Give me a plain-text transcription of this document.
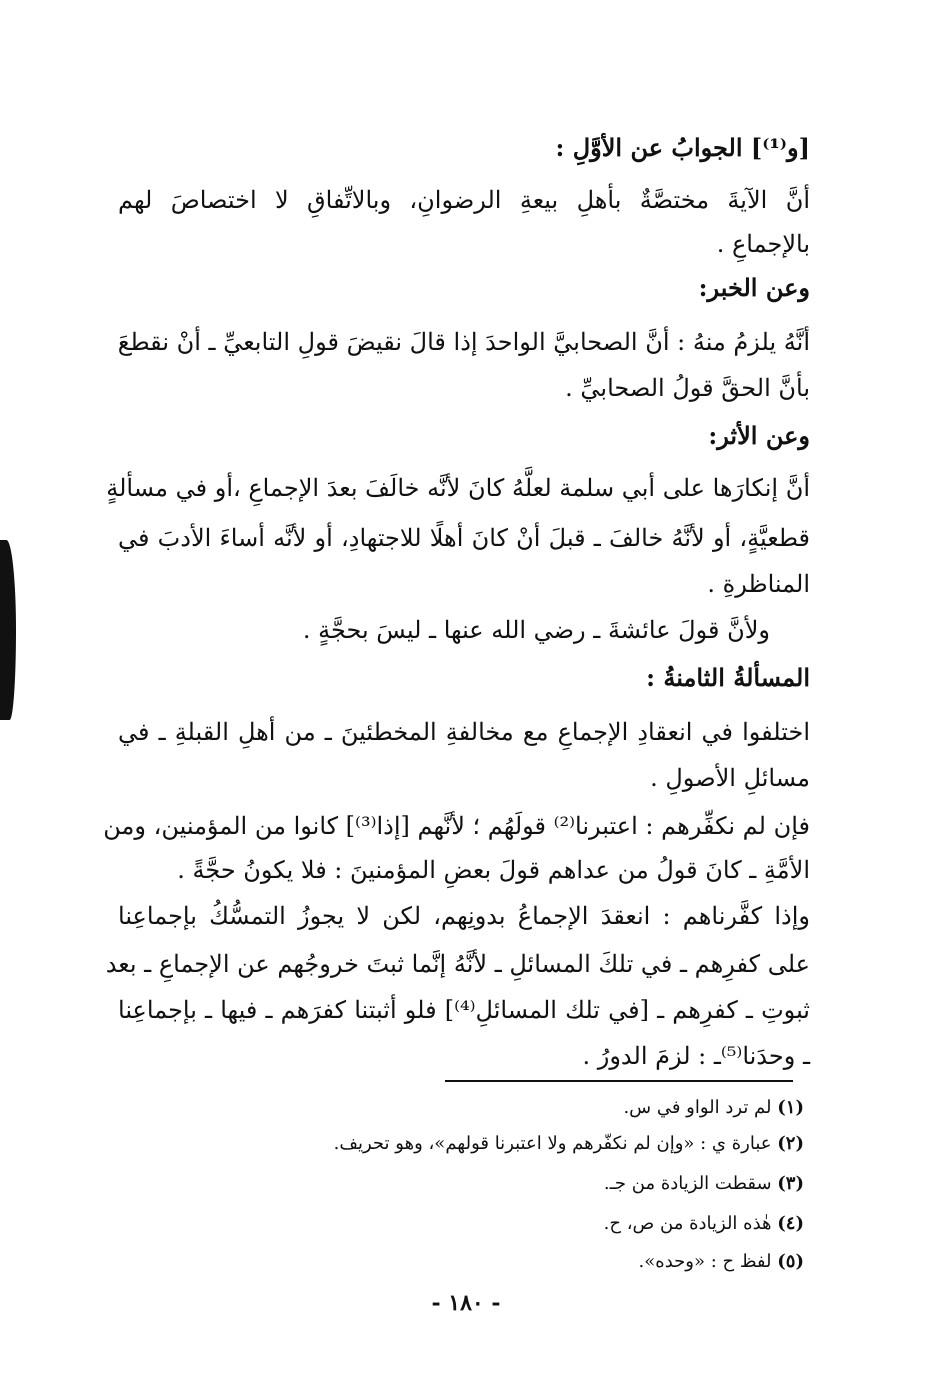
[و⁽¹⁾] الجوابُ عن الأوَّلِ :
أنَّ الآيةَ مختصَّةٌ بأهلِ بيعةِ الرضوانِ، وبالاتِّفاقِ لا اختصاصَ لهم
بالإجماعِ .
وعن الخبر:
أنَّهُ يلزمُ منهُ : أنَّ الصحابيَّ الواحدَ إذا قالَ نقيضَ قولِ التابعيِّ ـ أنْ نقطعَ
بأنَّ الحقَّ قولُ الصحابيِّ .
وعن الأثر:
أنَّ إنكارَها على أبي سلمة لعلَّهُ كانَ لأنَّه خالَفَ بعدَ الإجماعِ ،أو في مسألةٍ
قطعيَّةٍ، أو لأنَّهُ خالفَ ـ قبلَ أنْ كانَ أهلًا للاجتهادِ، أو لأنَّه أساءَ الأدبَ في
المناظرةِ .
ولأنَّ قولَ عائشةَ ـ رضي الله عنها ـ ليسَ بحجَّةٍ .
المسألةُ الثامنةُ :
اختلفوا في انعقادِ الإجماعِ مع مخالفةِ المخطئينَ ـ من أهلِ القبلةِ ـ في
مسائلِ الأصولِ .
فإن لم نكفِّرهم : اعتبرنا⁽²⁾ قولَهُم ؛ لأنَّهم [إذا⁽³⁾] كانوا من المؤمنين، ومن
الأمَّةِ ـ كانَ قولُ من عداهم قولَ بعضِ المؤمنينَ : فلا يكونُ حجَّةً .
وإذا كفَّرناهم : انعقدَ الإجماعُ بدونِهم، لكن لا يجوزُ التمسُّكُ بإجماعِنا
على كفرِهم ـ في تلكَ المسائلِ ـ لأنَّهُ إنَّما ثبتَ خروجُهم عن الإجماعِ ـ بعد
ثبوتِ ـ كفرِهم ـ [في تلك المسائلِ⁽⁴⁾] فلو أثبتنا كفرَهم ـ فيها ـ بإجماعِنا
ـ وحدَنا⁽⁵⁾ـ : لزمَ الدورُ .
(١) لم ترد الواو في س.
(٢) عبارة ي : «وإن لم نكفّرهم ولا اعتبرنا قولهم»، وهو تحريف.
(٣) سقطت الزيادة من جـ.
(٤) هٰذه الزيادة من ص، ح.
(٥) لفظ ح : «وحده».
- ١٨٠ -
